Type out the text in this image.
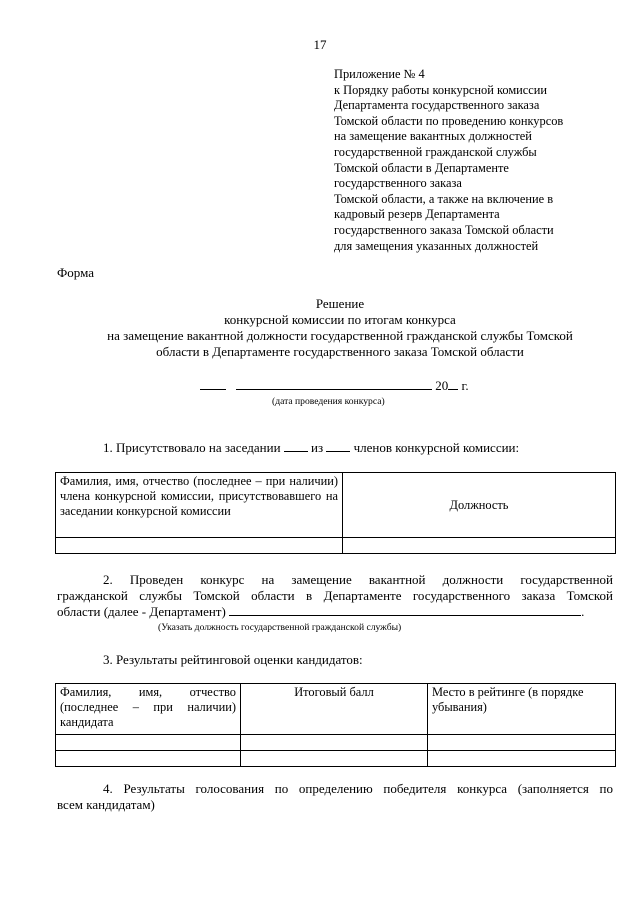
17
Приложение № 4
к Порядку работы конкурсной комиссии
Департамента государственного заказа
Томской области по проведению конкурсов
на замещение вакантных должностей
государственной гражданской службы
Томской области в Департаменте
государственного заказа
Томской области, а также на включение в
кадровый резерв Департамента
государственного заказа Томской области
для замещения указанных должностей
Форма
Решение
конкурсной комиссии по итогам конкурса
на замещение вакантной должности государственной гражданской службы Томской
области в Департаменте государственного заказа Томской области
20 г.
(дата проведения конкурса)
1. Присутствовало на заседании из членов конкурсной комиссии:
Фамилия, имя, отчество (последнее – при наличии) члена конкурсной комиссии, присутствовавшего на заседании конкурсной комиссии	Должность

2. Проведен конкурс на замещение вакантной должности государственной
гражданской службы Томской области в Департаменте государственного заказа Томской
области (далее - Департамент)	.
(Указать должность государственной гражданской службы)
3. Результаты рейтинговой оценки кандидатов:
Фамилия, имя, отчество (последнее – при наличии) кандидата	Итоговый балл	Место в рейтинге (в порядке убывания)

4. Результаты голосования по определению победителя конкурса (заполняется по
всем кандидатам)
